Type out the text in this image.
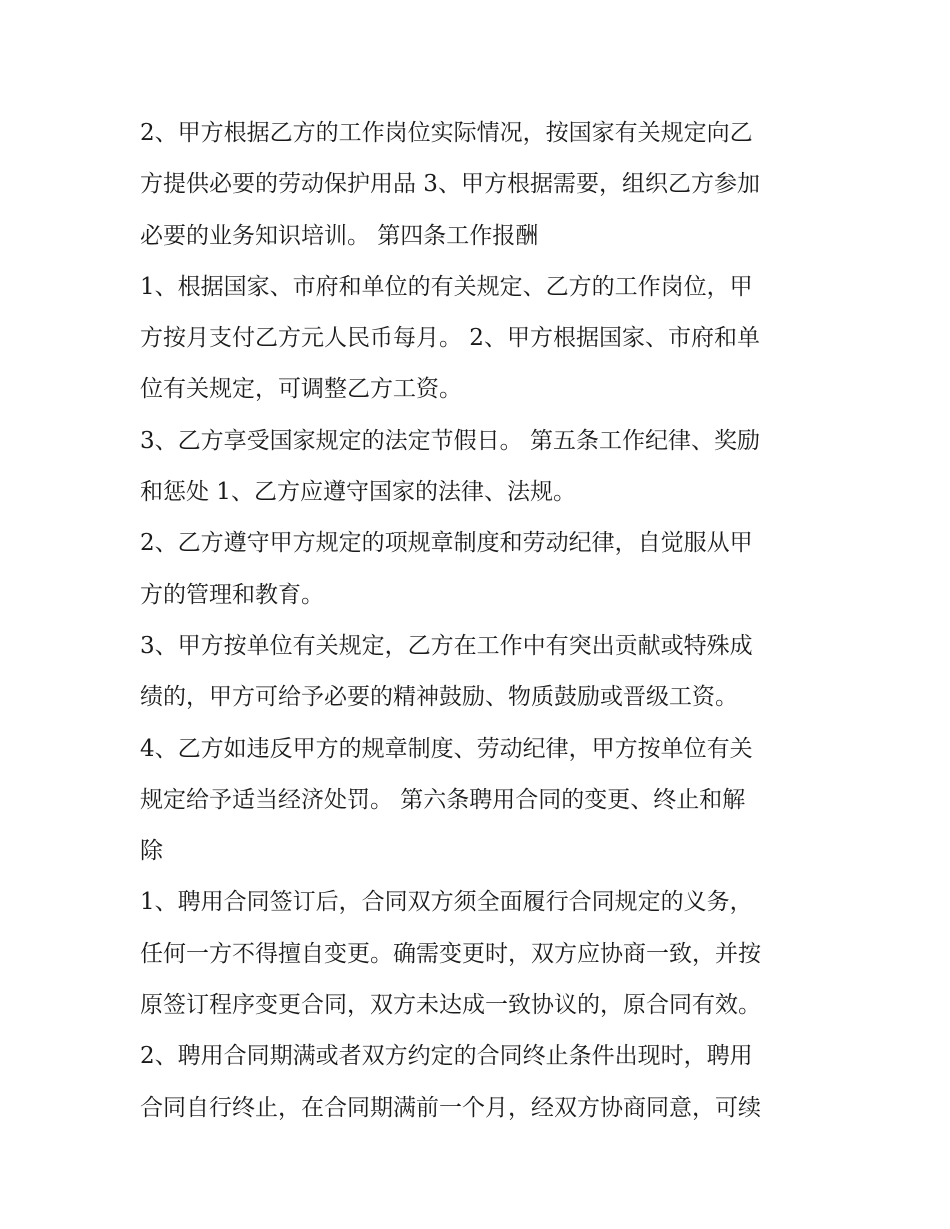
2、甲方根据乙方的工作岗位实际情况，按国家有关规定向乙
方提供必要的劳动保护用品 3、甲方根据需要，组织乙方参加
必要的业务知识培训。 第四条工作报酬
1、根据国家、市府和单位的有关规定、乙方的工作岗位，甲
方按月支付乙方元人民币每月。 2、甲方根据国家、市府和单
位有关规定，可调整乙方工资。
3、乙方享受国家规定的法定节假日。 第五条工作纪律、奖励
和惩处 1、乙方应遵守国家的法律、法规。
2、乙方遵守甲方规定的项规章制度和劳动纪律，自觉服从甲
方的管理和教育。
3、甲方按单位有关规定，乙方在工作中有突出贡献或特殊成
绩的，甲方可给予必要的精神鼓励、物质鼓励或晋级工资。
4、乙方如违反甲方的规章制度、劳动纪律，甲方按单位有关
规定给予适当经济处罚。 第六条聘用合同的变更、终止和解
除
1、聘用合同签订后，合同双方须全面履行合同规定的义务，
任何一方不得擅自变更。确需变更时，双方应协商一致，并按
原签订程序变更合同，双方未达成一致协议的，原合同有效。
2、聘用合同期满或者双方约定的合同终止条件出现时，聘用
合同自行终止，在合同期满前一个月，经双方协商同意，可续
